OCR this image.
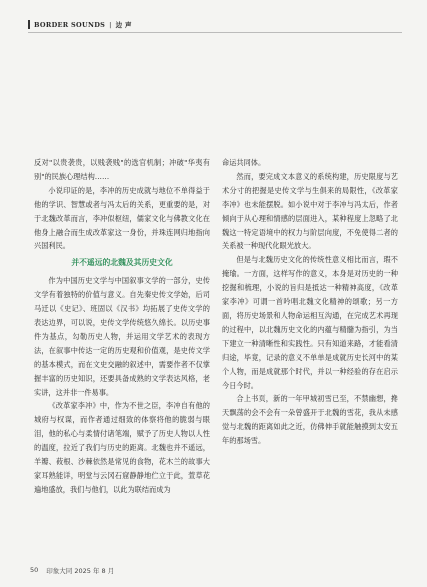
BORDER SOUNDS | 边 声

反对"以贵袭贵，以贱袭贱"的选官机制；冲破"华夷有别"的民族心理结构……

小说印证的是，李冲的历史成就与地位不单得益于他的学识、智慧或者与冯太后的关系，更重要的是，对于北魏改革而言，李冲似枢纽，儒家文化与佛教文化在他身上融合而生成改革家这一身份，并珠连网归地指向兴国利民。

并不遥远的北魏及其历史文化

作为中国历史文学与中国叙事文学的一部分，史传文学有着独特的价值与意义。自先秦史传文学始，后司马迁以《史记》、班固以《汉书》均拓展了史传文学的表达边界，可以说，史传文学传统悠久绵长。以历史事件为基点，勾勒历史人物，并运用文学艺术的表现方法，在叙事中传达一定的历史观和价值观，是史传文学的基本模式，而在文史交融的叙述中，需要作者不仅掌握丰富的历史知识，还要具备成熟的文学表达风格，老实讲，这并非一件易事。

《改革家李冲》中，作为不世之臣，李冲自有他的城府与权谋，而作者通过细致的体察将他的脆弱与眼泪，他的私心与柔情付诸笔端，赋予了历史人物以人性的温度，拉近了我们与历史的距离。北魏也并不遥远，羊瓣、莜根、沙棘依然是常见的食物，花木兰的故事大家耳熟能详，明堂与云冈石窟静静地伫立于此，萱草花遍地盛放，我们与他们，以此为联结而成为

命运共同体。

然而，要完成文本意义的系统构建，历史限度与艺术分寸的把握是史传文学与生俱来的局限性，《改革家李冲》也未能摆脱。如小说中对于李冲与冯太后，作者倾向于从心理和情感的层面进入，某种程度上忽略了北魏这一特定语境中的权力与阶层向度，不免使得二者的关系被一种现代化眼光放大。

但是与北魏历史文化的传统性意义相比而言，瑕不掩瑜。一方面，这样写作的意义，本身是对历史的一种挖掘和梳理，小说的旨归是抵达一种精神高度，《改革家李冲》可谓一首吟唱北魏文化精神的颂歌；另一方面，将历史场景和人物命运相互沟通，在完成艺术再现的过程中，以北魏历史文化的内蕴与精髓为指引，为当下建立一种清晰性和实践性。只有知道来路，才能看清归途，毕竟，记录的意义不单单是成就历史长河中的某个人物，而是成就那个时代，并以一种经验的存在启示今日今时。

合上书页，新的一年甲城初雪已至，不禁幽想，搀天飘荡的会不会有一朵曾盛开于北魏的雪花，我从未感觉与北魏的距离如此之近，仿佛伸手就能触摸到太安五年的那场雪。

50 印象大同 2025 年 8 月
